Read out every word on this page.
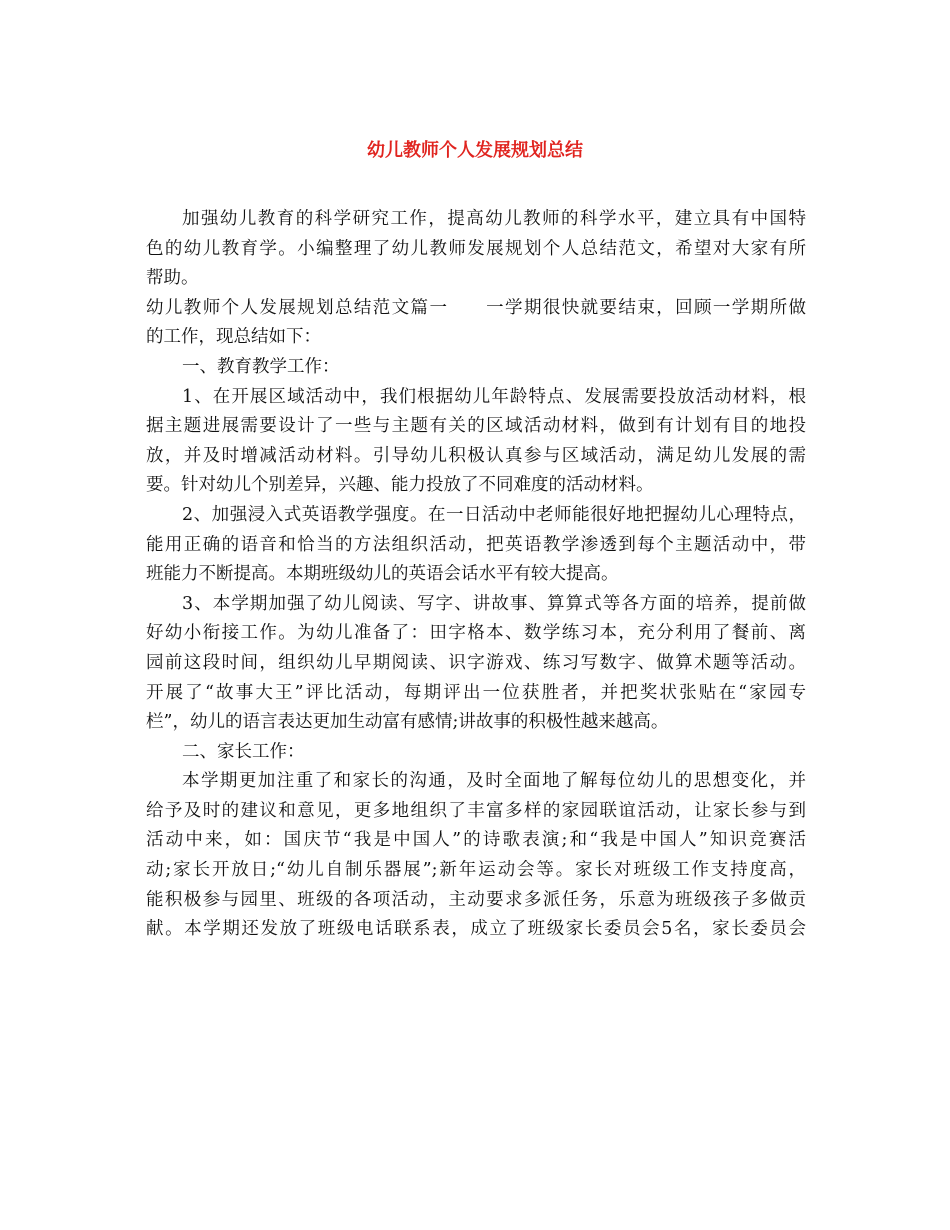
幼儿教师个人发展规划总结
加强幼儿教育的科学研究工作，提高幼儿教师的科学水平，建立具有中国特
色的幼儿教育学。小编整理了幼儿教师发展规划个人总结范文，希望对大家有所
帮助。
幼儿教师个人发展规划总结范文篇一　　一学期很快就要结束，回顾一学期所做
的工作，现总结如下：
一、教育教学工作：
1、在开展区域活动中，我们根据幼儿年龄特点、发展需要投放活动材料，根
据主题进展需要设计了一些与主题有关的区域活动材料，做到有计划有目的地投
放，并及时增减活动材料。引导幼儿积极认真参与区域活动，满足幼儿发展的需
要。针对幼儿个别差异，兴趣、能力投放了不同难度的活动材料。
2、加强浸入式英语教学强度。在一日活动中老师能很好地把握幼儿心理特点，
能用正确的语音和恰当的方法组织活动，把英语教学渗透到每个主题活动中，带
班能力不断提高。本期班级幼儿的英语会话水平有较大提高。
3、本学期加强了幼儿阅读、写字、讲故事、算算式等各方面的培养，提前做
好幼小衔接工作。为幼儿准备了：田字格本、数学练习本，充分利用了餐前、离
园前这段时间，组织幼儿早期阅读、识字游戏、练习写数字、做算术题等活动。
开展了“故事大王”评比活动，每期评出一位获胜者，并把奖状张贴在“家园专
栏”，幼儿的语言表达更加生动富有感情;讲故事的积极性越来越高。
二、家长工作：
本学期更加注重了和家长的沟通，及时全面地了解每位幼儿的思想变化，并
给予及时的建议和意见，更多地组织了丰富多样的家园联谊活动，让家长参与到
活动中来，如：国庆节“我是中国人”的诗歌表演;和“我是中国人”知识竞赛活
动;家长开放日;“幼儿自制乐器展”;新年运动会等。家长对班级工作支持度高，
能积极参与园里、班级的各项活动，主动要求多派任务，乐意为班级孩子多做贡
献。本学期还发放了班级电话联系表，成立了班级家长委员会5名，家长委员会
